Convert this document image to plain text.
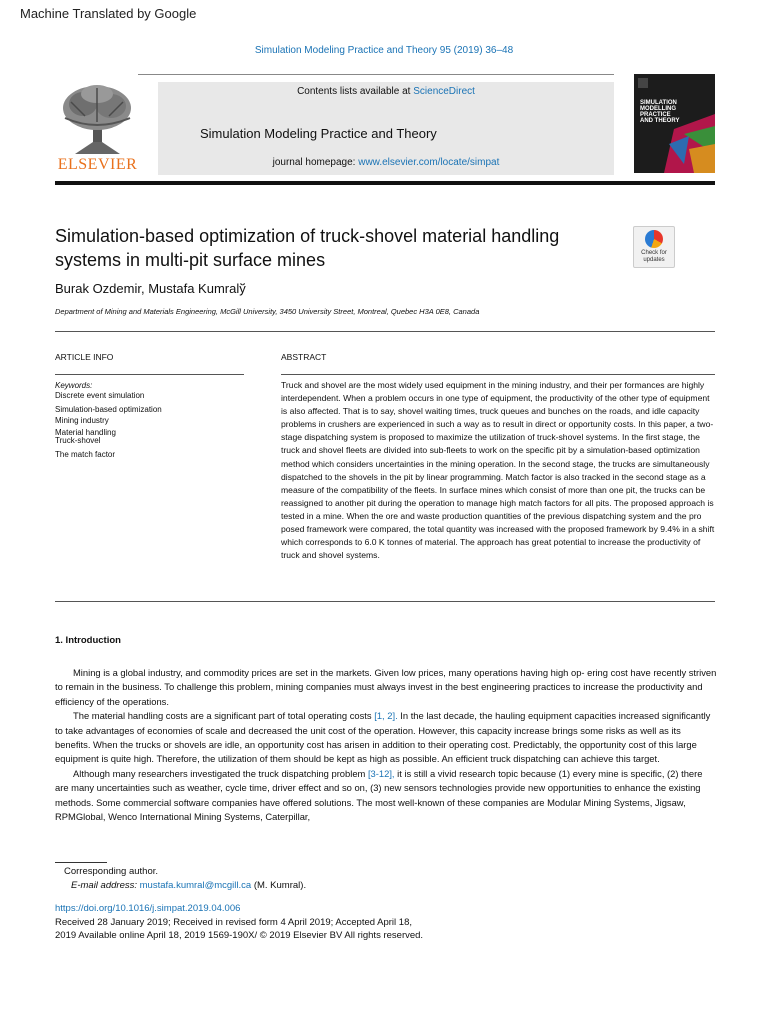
Machine Translated by Google
Simulation Modeling Practice and Theory 95 (2019) 36–48
ELSEVIER
Contents lists available at ScienceDirect
Simulation Modeling Practice and Theory
journal homepage: www.elsevier.com/locate/simpat
SIMULATION
MODELLING
PRACTICE
AND THEORY
Simulation-based optimization of truck-shovel material handling systems in multi-pit surface mines	Check for
updates
Burak Ozdemir, Mustafa Kumralў
Department of Mining and Materials Engineering, McGill University, 3450 University Street, Montreal, Quebec H3A 0E8, Canada
ARTICLE INFO	ABSTRACT
Keywords:
Discrete event simulation
Simulation-based optimization
Mining industry
Material handling
Truck-shovel
The match factor
Truck and shovel are the most widely used equipment in the mining industry, and their per formances are highly interdependent. When a problem occurs in one type of equipment, the productivity of the other type of equipment is also affected. That is to say, shovel waiting times, truck queues and bunches on the roads, and idle capacity problems in crushers are experienced in such a way as to result in direct or opportunity costs. In this paper, a two-stage dispatching system is proposed to maximize the utilization of truck-shovel systems. In the first stage, the truck and shovel fleets are divided into sub-fleets to work on the specific pit by a simulation-based optimization method which considers uncertainties in the mining operation. In the second stage, the trucks are simultaneously dispatched to the shovels in the pit by linear programming. Match factor is also tracked in the second stage as a measure of the compatibility of the fleets. In surface mines which consist of more than one pit, the trucks can be reassigned to another pit during the operation to manage high match factors for all pits. The proposed approach is tested in a mine. When the ore and waste production quantities of the previous dispatching system and the pro posed framework were compared, the total quantity was increased with the proposed framework by 9.4% in a shift which corresponds to 6.0 K tonnes of material. The approach has great potential to increase the productivity of truck and shovel systems.
1. Introduction

Mining is a global industry, and commodity prices are set in the markets. Given low prices, many operations having high op- ering cost have recently striven to remain in the business. To challenge this problem, mining companies must always invest in the best engineering practices to increase the productivity and efficiency of the operations.

The material handling costs are a significant part of total operating costs [1, 2]. In the last decade, the hauling equipment capacities increased significantly to take advantages of economies of scale and decreased the unit cost of the operation. However, this capacity increase brings some risks as well as its benefits. When the trucks or shovels are idle, an opportunity cost has arisen in addition to their operating cost. Predictably, the opportunity cost of this large equipment is quite high. Therefore, the utilization of them should be kept as high as possible. An efficient truck dispatching can achieve this target.

Although many researchers investigated the truck dispatching problem [3-12], it is still a vivid research topic because (1) every mine is specific, (2) there are many uncertainties such as weather, cycle time, driver effect and so on, (3) new sensors technologies provide new opportunities to enhance the existing methods. Some commercial software companies have offered solutions. The most well-known of these companies are Modular Mining Systems, Jigsaw, RPMGlobal, Wenco International Mining Systems, Caterpillar,

Corresponding author.
E-mail address: mustafa.kumral@mcgill.ca (M. Kumral).
https://doi.org/10.1016/j.simpat.2019.04.006
Received 28 January 2019; Received in revised form 4 April 2019; Accepted April 18,
2019 Available online April 18, 2019 1569-190X/ © 2019 Elsevier BV All rights reserved.
